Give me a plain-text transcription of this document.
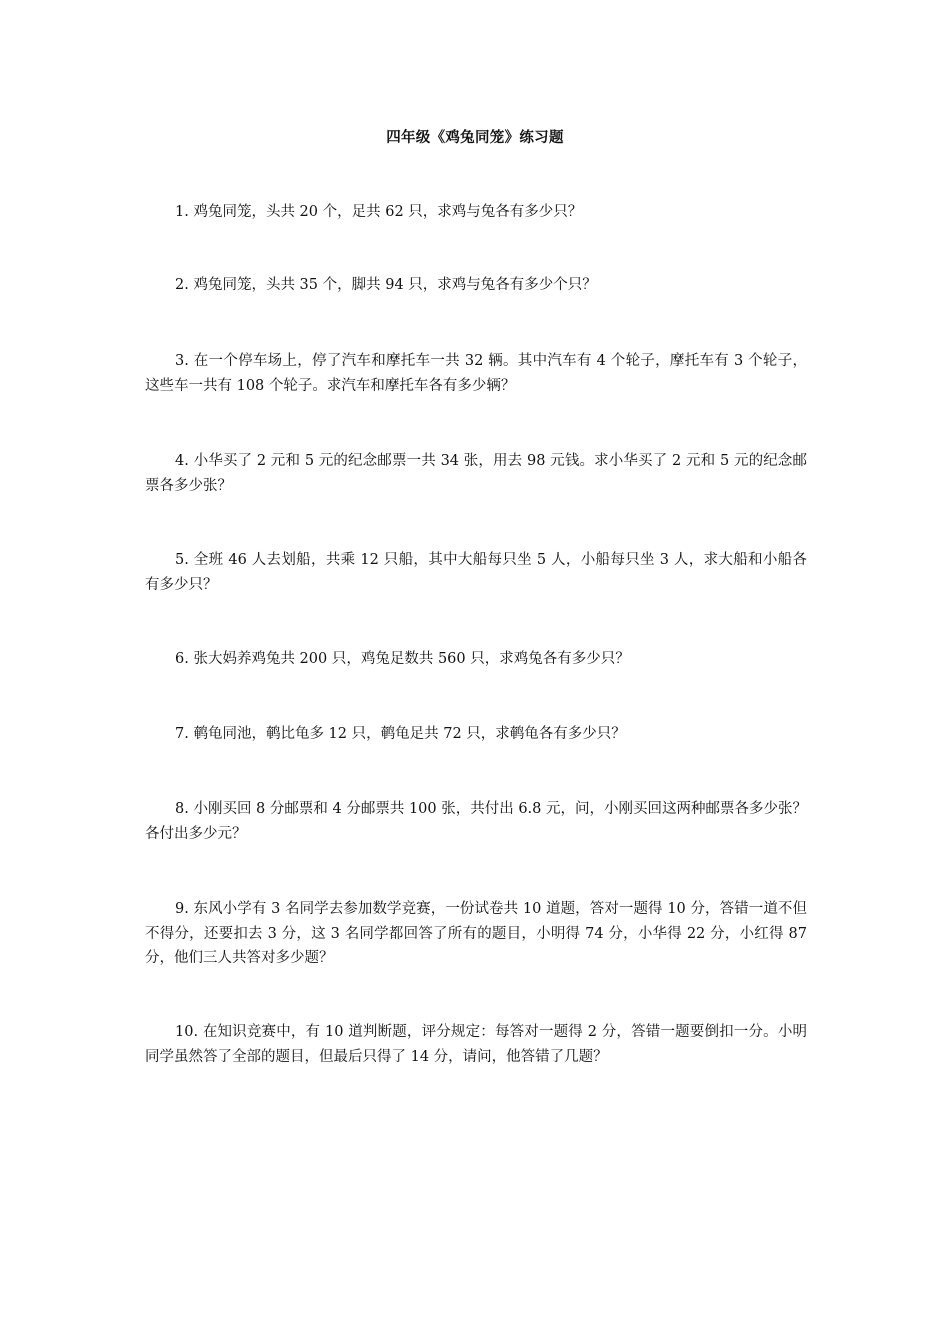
四年级《鸡兔同笼》练习题

1. 鸡兔同笼，头共 20 个，足共 62 只，求鸡与兔各有多少只？

2. 鸡兔同笼，头共 35 个，脚共 94 只，求鸡与兔各有多少个只？

3. 在一个停车场上，停了汽车和摩托车一共 32 辆。其中汽车有 4 个轮子，摩托车有 3 个轮子，这些车一共有 108 个轮子。求汽车和摩托车各有多少辆？

4. 小华买了 2 元和 5 元的纪念邮票一共 34 张，用去 98 元钱。求小华买了 2 元和 5 元的纪念邮票各多少张？

5. 全班 46 人去划船，共乘 12 只船，其中大船每只坐 5 人，小船每只坐 3 人，求大船和小船各有多少只？

6. 张大妈养鸡兔共 200 只，鸡兔足数共 560 只，求鸡兔各有多少只？

7. 鹌龟同池，鹌比龟多 12 只，鹌龟足共 72 只，求鹌龟各有多少只？

8. 小刚买回 8 分邮票和 4 分邮票共 100 张，共付出 6.8 元，问，小刚买回这两种邮票各多少张？各付出多少元？

9. 东风小学有 3 名同学去参加数学竞赛，一份试卷共 10 道题，答对一题得 10 分，答错一道不但不得分，还要扣去 3 分，这 3 名同学都回答了所有的题目，小明得 74 分，小华得 22 分，小红得 87 分，他们三人共答对多少题？

10. 在知识竞赛中，有 10 道判断题，评分规定：每答对一题得 2 分，答错一题要倒扣一分。小明同学虽然答了全部的题目，但最后只得了 14 分，请问，他答错了几题？
